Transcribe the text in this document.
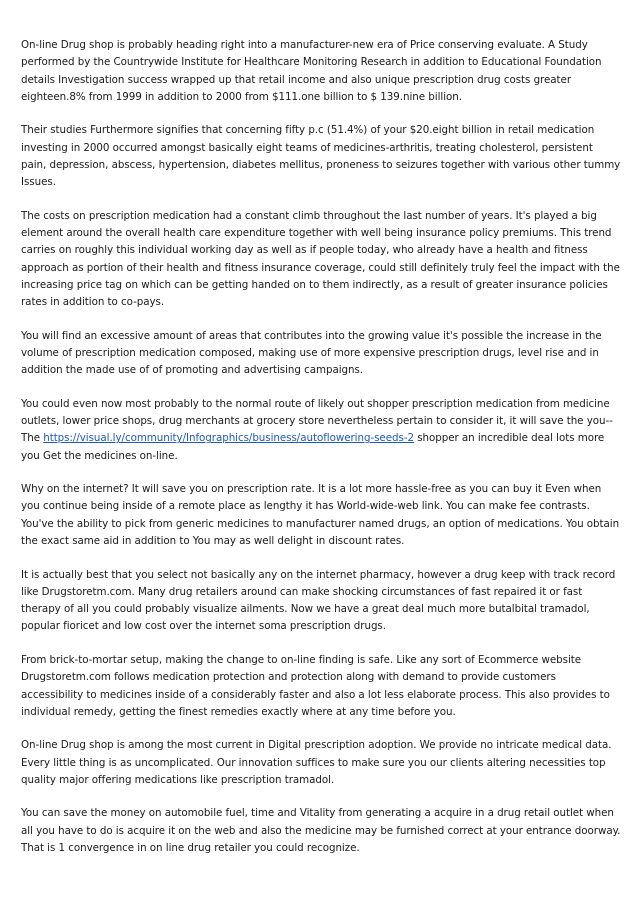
On-line Drug shop is probably heading right into a manufacturer-new era of Price conserving evaluate. A Study performed by the Countrywide Institute for Healthcare Monitoring Research in addition to Educational Foundation details Investigation success wrapped up that retail income and also unique prescription drug costs greater eighteen.8% from 1999 in addition to 2000 from $111.one billion to $ 139.nine billion.

Their studies Furthermore signifies that concerning fifty p.c (51.4%) of your $20.eight billion in retail medication investing in 2000 occurred amongst basically eight teams of medicines-arthritis, treating cholesterol, persistent pain, depression, abscess, hypertension, diabetes mellitus, proneness to seizures together with various other tummy Issues.

The costs on prescription medication had a constant climb throughout the last number of years. It's played a big element around the overall health care expenditure together with well being insurance policy premiums. This trend carries on roughly this individual working day as well as if people today, who already have a health and fitness approach as portion of their health and fitness insurance coverage, could still definitely truly feel the impact with the increasing price tag on which can be getting handed on to them indirectly, as a result of greater insurance policies rates in addition to co-pays.

You will find an excessive amount of areas that contributes into the growing value it's possible the increase in the volume of prescription medication composed, making use of more expensive prescription drugs, level rise and in addition the made use of of promoting and advertising campaigns.

You could even now most probably to the normal route of likely out shopper prescription medication from medicine outlets, lower price shops, drug merchants at grocery store nevertheless pertain to consider it, it will save the you-- The https://visual.ly/community/Infographics/business/autoflowering-seeds-2 shopper an incredible deal lots more you Get the medicines on-line.

Why on the internet? It will save you on prescription rate. It is a lot more hassle-free as you can buy it Even when you continue being inside of a remote place as lengthy it has World-wide-web link. You can make fee contrasts. You've the ability to pick from generic medicines to manufacturer named drugs, an option of medications. You obtain the exact same aid in addition to You may as well delight in discount rates.

It is actually best that you select not basically any on the internet pharmacy, however a drug keep with track record like Drugstoretm.com. Many drug retailers around can make shocking circumstances of fast repaired it or fast therapy of all you could probably visualize ailments. Now we have a great deal much more butalbital tramadol, popular fioricet and low cost over the internet soma prescription drugs.

From brick-to-mortar setup, making the change to on-line finding is safe. Like any sort of Ecommerce website Drugstoretm.com follows medication protection and protection along with demand to provide customers accessibility to medicines inside of a considerably faster and also a lot less elaborate process. This also provides to individual remedy, getting the finest remedies exactly where at any time before you.

On-line Drug shop is among the most current in Digital prescription adoption. We provide no intricate medical data. Every little thing is as uncomplicated. Our innovation suffices to make sure you our clients altering necessities top quality major offering medications like prescription tramadol.

You can save the money on automobile fuel, time and Vitality from generating a acquire in a drug retail outlet when all you have to do is acquire it on the web and also the medicine may be furnished correct at your entrance doorway. That is 1 convergence in on line drug retailer you could recognize.
